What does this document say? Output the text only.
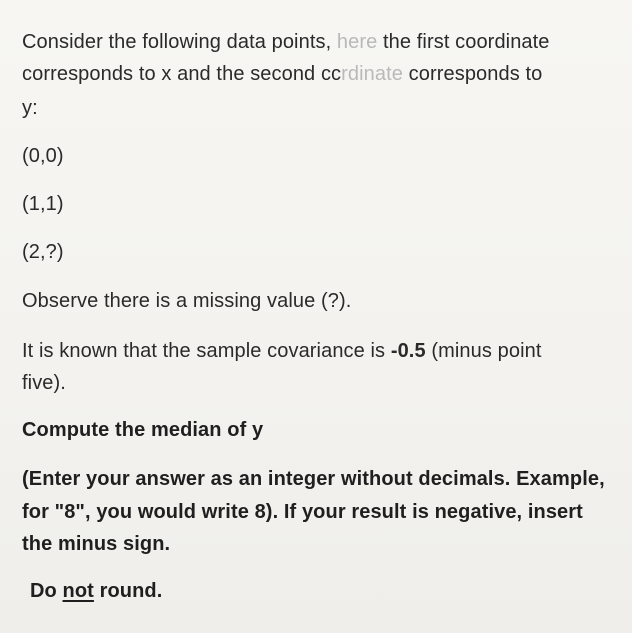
Consider the following data points, here the first coordinate
corresponds to x and the second ccrdinate corresponds to
y:
(0,0)
(1,1)
(2,?)
Observe there is a missing value (?).
It is known that the sample covariance is -0.5 (minus point
five).
Compute the median of y
(Enter your answer as an integer without decimals. Example,
for "8", you would write 8). If your result is negative, insert
the minus sign.
Do not round.
